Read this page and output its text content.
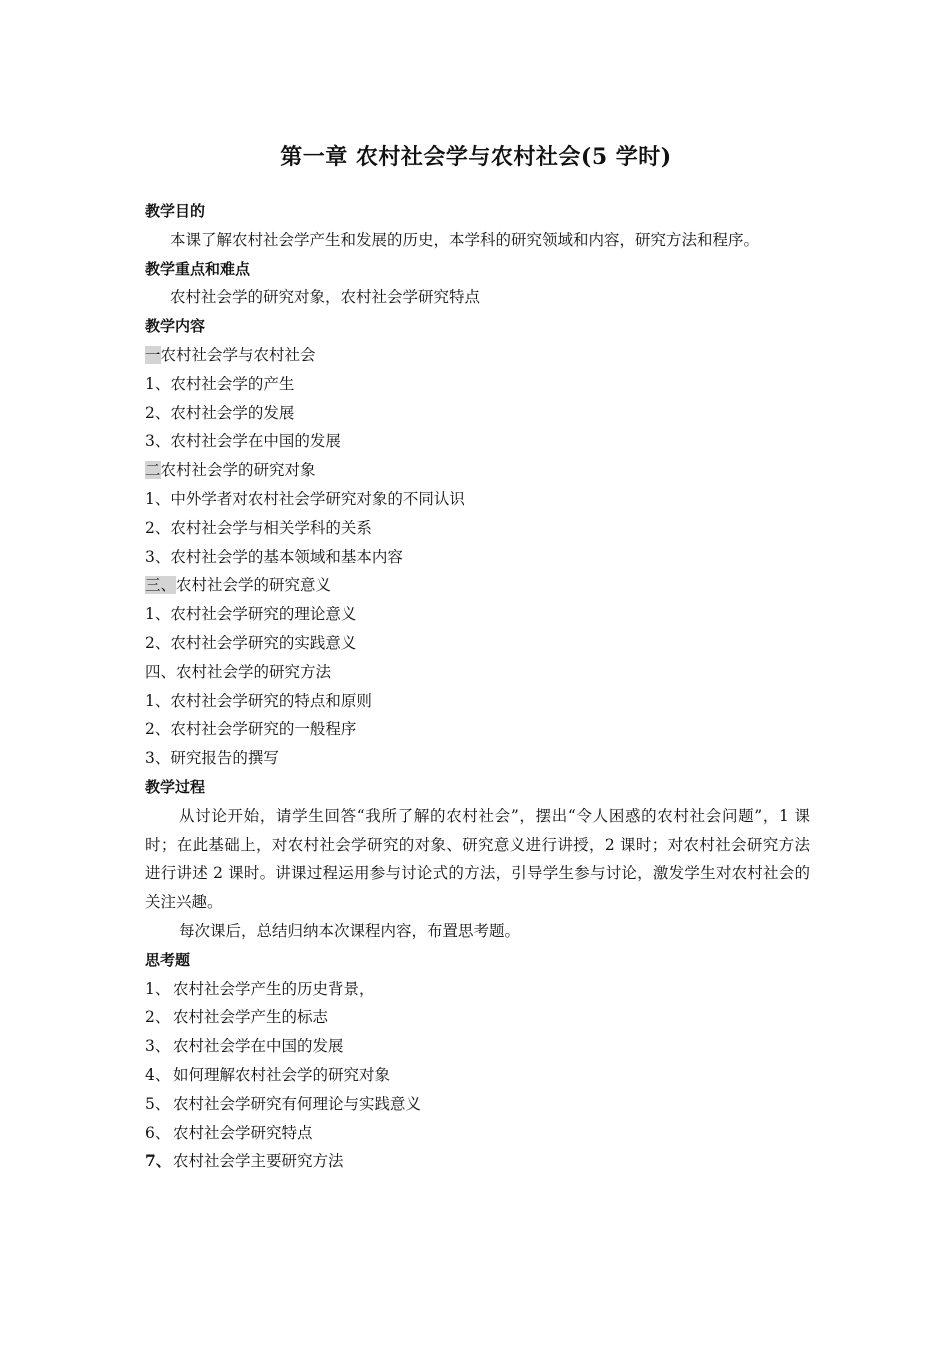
第一章 农村社会学与农村社会(5 学时)
教学目的
本课了解农村社会学产生和发展的历史，本学科的研究领域和内容，研究方法和程序。
教学重点和难点
农村社会学的研究对象，农村社会学研究特点
教学内容
一农村社会学与农村社会
1、农村社会学的产生
2、农村社会学的发展
3、农村社会学在中国的发展
二农村社会学的研究对象
1、中外学者对农村社会学研究对象的不同认识
2、农村社会学与相关学科的关系
3、农村社会学的基本领域和基本内容
三、农村社会学的研究意义
1、农村社会学研究的理论意义
2、农村社会学研究的实践意义
四、农村社会学的研究方法
1、农村社会学研究的特点和原则
2、农村社会学研究的一般程序
3、研究报告的撰写
教学过程
从讨论开始，请学生回答“我所了解的农村社会”，摆出“令人困惑的农村社会问题”，1 课时；在此基础上，对农村社会学研究的对象、研究意义进行讲授，2 课时；对农村社会研究方法进行讲述 2 课时。讲课过程运用参与讨论式的方法，引导学生参与讨论，激发学生对农村社会的关注兴趣。
每次课后，总结归纳本次课程内容，布置思考题。
思考题
1、 农村社会学产生的历史背景，
2、 农村社会学产生的标志
3、 农村社会学在中国的发展
4、 如何理解农村社会学的研究对象
5、 农村社会学研究有何理论与实践意义
6、 农村社会学研究特点
7、 农村社会学主要研究方法
